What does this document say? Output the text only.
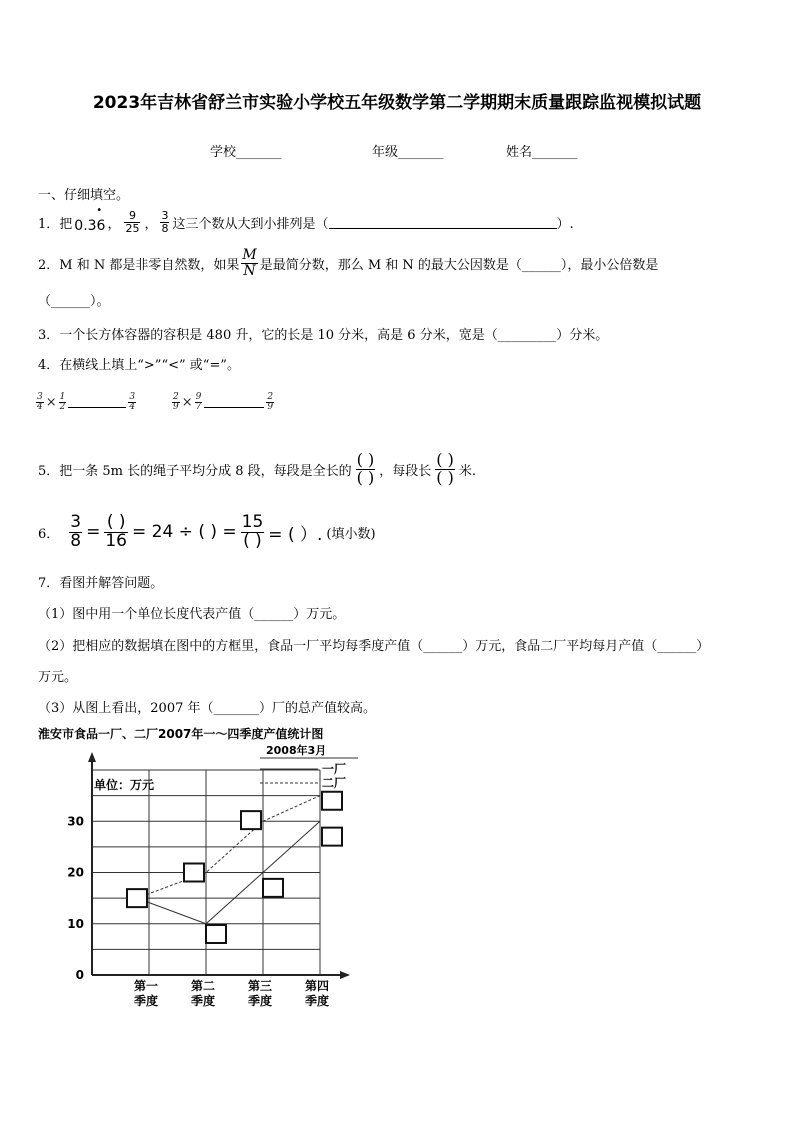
2023年吉林省舒兰市实验小学校五年级数学第二学期期末质量跟踪监视模拟试题
学校_______	年级_______	姓名_______
一、仔细填空。
1．把 0.36
•
， $\frac{9}{25}$ ， $\frac{3}{8}$ 这三个数从大到小排列是（	）.
2．M 和 N 都是非零自然数，如果 $\frac{M}{N}$ 是最简分数，那么 M 和 N 的最大公因数是（______），最小公倍数是
（______）。
3．一个长方体容器的容积是 480 升，它的长是 10 分米，高是 6 分米，宽是（_________）分米。
4．在横线上填上“>”“<” 或“=”。
$\frac{3}{4} \times \frac{1}{2}$	$\frac{3}{4}$	$\frac{2}{9} \times \frac{9}{7}$	$\frac{2}{9}$
5．把一条 5m 长的绳子平均分成 8 段，每段是全长的 $\frac{( )}{( )}$ ，每段长 $\frac{( )}{( )}$ 米.
6． $\frac{3}{8} = \frac{( )}{16} = 24$ ÷ ( ) = $\frac{15}{( )}$ = ( ）. (填小数)
7．看图并解答问题。
（1）图中用一个单位长度代表产值（______）万元。
（2）把相应的数据填在图中的方框里，食品一厂平均每季度产值（______）万元，食品二厂平均每月产值（______）
万元。
（3）从图上看出，2007 年（_______）厂的总产值较高。
淮安市食品一厂、二厂2007年一～四季度产值统计图
2008年3月
单位：万元
一厂
二厂
0
10
20
30
第一
季度
第二
季度
第三
季度
第四
季度
